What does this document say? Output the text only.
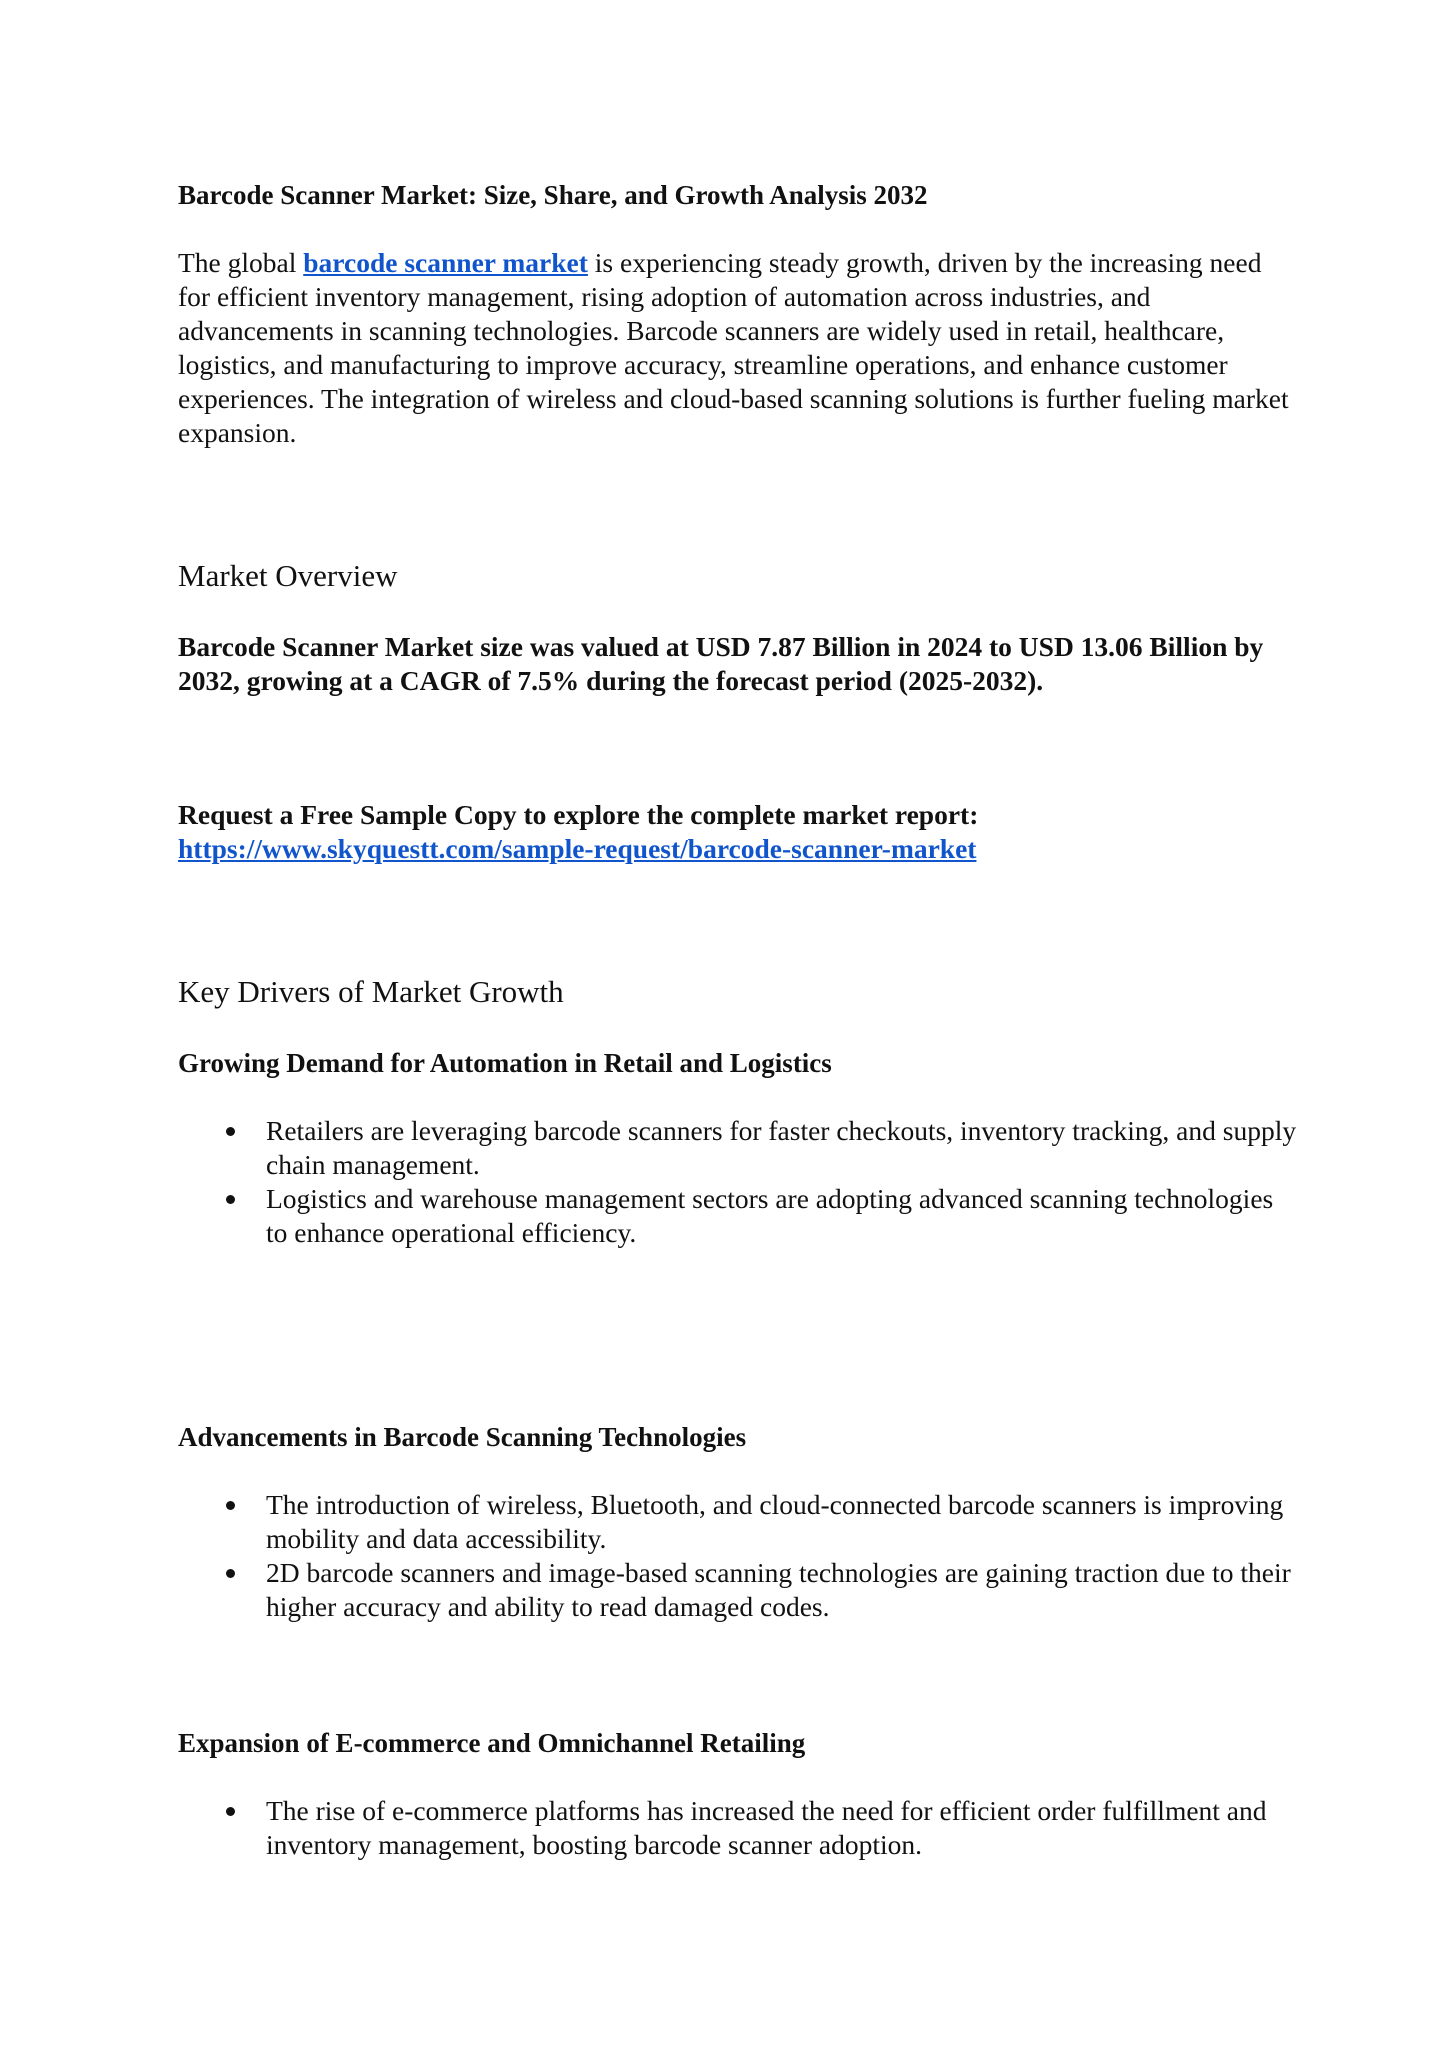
Barcode Scanner Market: Size, Share, and Growth Analysis 2032

The global barcode scanner market is experiencing steady growth, driven by the increasing need for efficient inventory management, rising adoption of automation across industries, and advancements in scanning technologies. Barcode scanners are widely used in retail, healthcare, logistics, and manufacturing to improve accuracy, streamline operations, and enhance customer experiences. The integration of wireless and cloud-based scanning solutions is further fueling market expansion.

Market Overview

Barcode Scanner Market size was valued at USD 7.87 Billion in 2024 to USD 13.06 Billion by 2032, growing at a CAGR of 7.5% during the forecast period (2025-2032).

Request a Free Sample Copy to explore the complete market report:
https://www.skyquestt.com/sample-request/barcode-scanner-market

Key Drivers of Market Growth
Growing Demand for Automation in Retail and Logistics
Retailers are leveraging barcode scanners for faster checkouts, inventory tracking, and supply chain management.
Logistics and warehouse management sectors are adopting advanced scanning technologies to enhance operational efficiency.
Advancements in Barcode Scanning Technologies
The introduction of wireless, Bluetooth, and cloud-connected barcode scanners is improving mobility and data accessibility.
2D barcode scanners and image-based scanning technologies are gaining traction due to their higher accuracy and ability to read damaged codes.
Expansion of E-commerce and Omnichannel Retailing
The rise of e-commerce platforms has increased the need for efficient order fulfillment and inventory management, boosting barcode scanner adoption.
